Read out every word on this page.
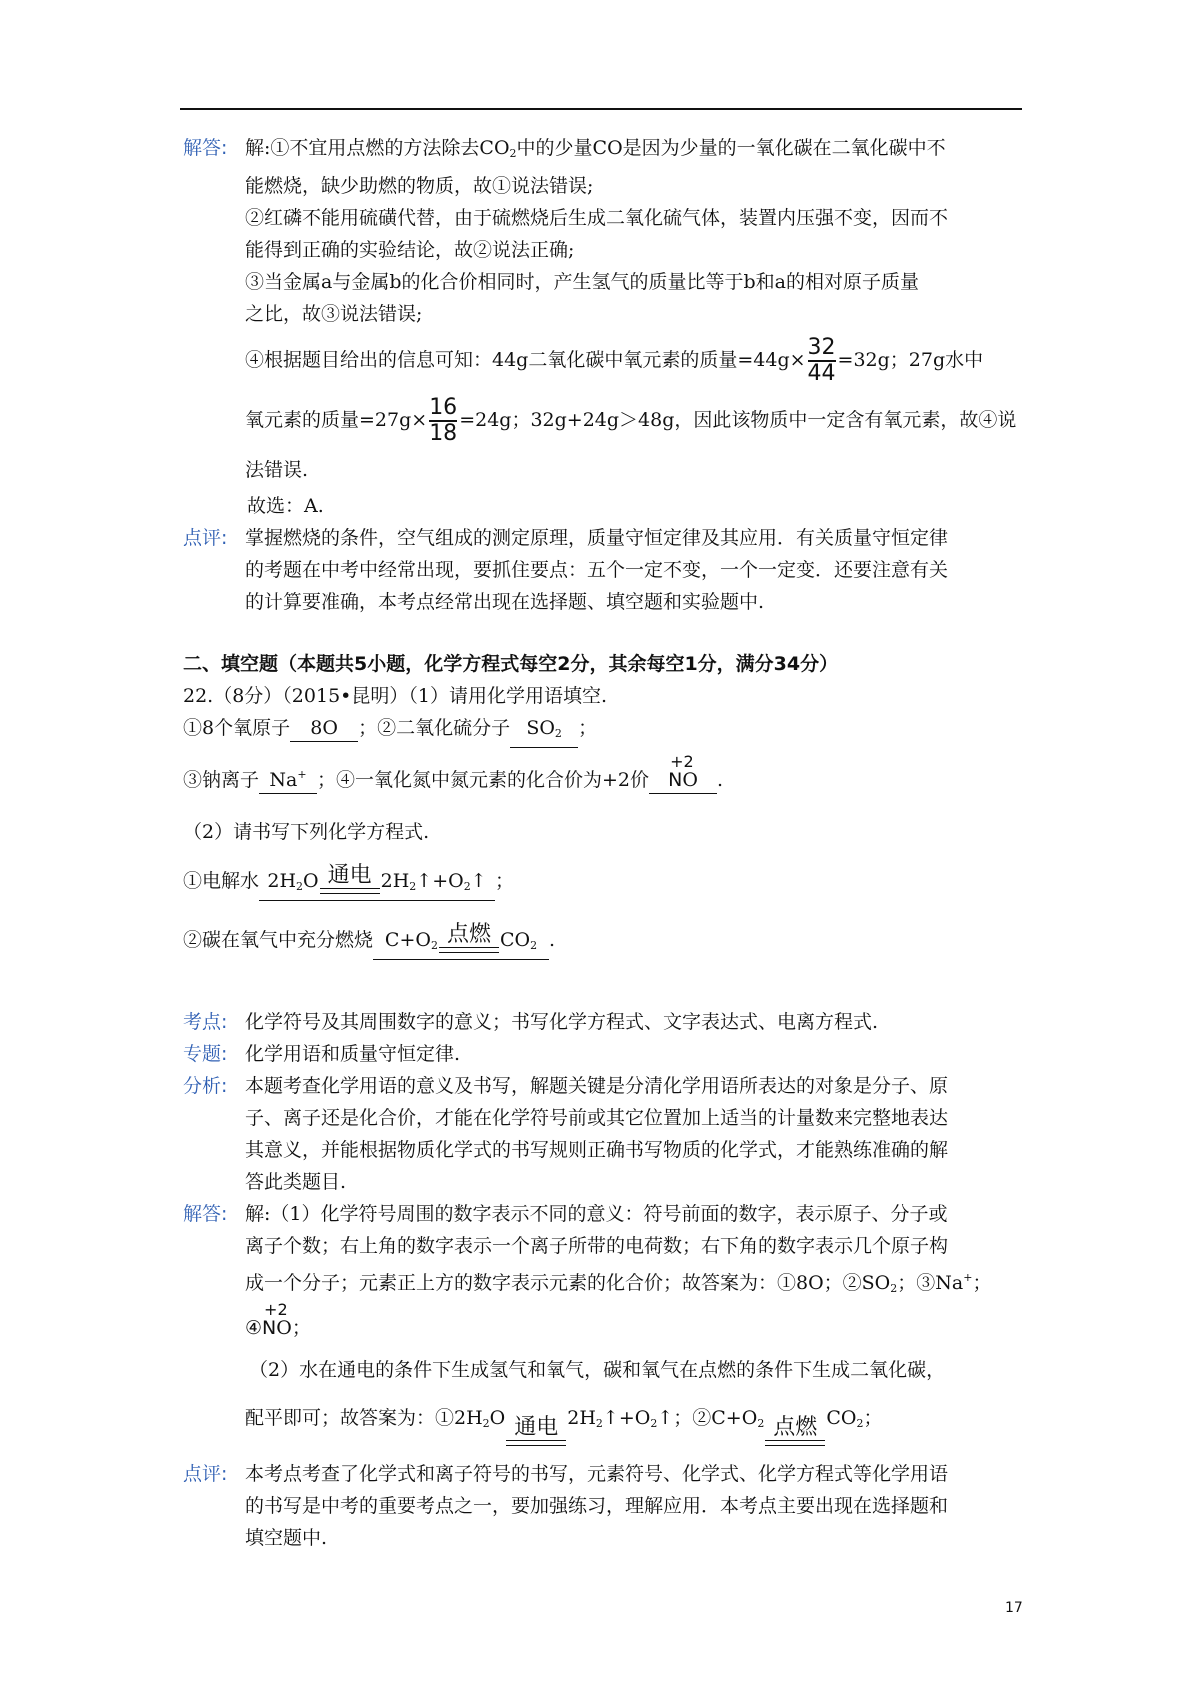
解答: 解:①不宜用点燃的方法除去$CO_2$中的少量CO是因为少量的一氧化碳在二氧化碳中不

能燃烧，缺少助燃的物质，故①说法错误;

②红磷不能用硫磺代替，由于硫燃烧后生成二氧化硫气体，装置内压强不变，因而不

能得到正确的实验结论，故②说法正确;

③当金属a与金属b的化合价相同时，产生氢气的质量比等于b和a的相对原子质量

之比，故③说法错误;

④根据题目给出的信息可知：44g二氧化碳中氧元素的质量$=44g\times \frac{32}{44} =32g$；27g水中

氧元素的质量$=27g\times \frac{16}{18} =24g$；32g+24g＞48g，因此该物质中一定含有氧元素，故④说

法错误.

故选：A.

点评: 掌握燃烧的条件，空气组成的测定原理，质量守恒定律及其应用．有关质量守恒定律

的考题在中考中经常出现，要抓住要点：五个一定不变，一个一定变．还要注意有关

的计算要准确，本考点经常出现在选择题、填空题和实验题中.

二、填空题（本题共5小题，化学方程式每空2分，其余每空1分，满分34分）

22.（8分）（2015•昆明）（1）请用化学用语填空.

①8个氧原子 8O ；②二氧化硫分子 $SO_2$ ；

③钠离子 Na+ ；④一氧化氮中氮元素的化合价为+2价
+2
NO .

（2）请书写下列化学方程式.

①电解水 $2H_2O$ 通电 $2H_2↑+O_2↑$ ；

②碳在氧气中充分燃烧 $C+O_2$ 点燃 $CO_2$ .

考点: 化学符号及其周围数字的意义；书写化学方程式、文字表达式、电离方程式.

专题: 化学用语和质量守恒定律.

分析: 本题考查化学用语的意义及书写，解题关键是分清化学用语所表达的对象是分子、原

子、离子还是化合价，才能在化学符号前或其它位置加上适当的计量数来完整地表达

其意义，并能根据物质化学式的书写规则正确书写物质的化学式，才能熟练准确的解

答此类题目.

解答: 解:（1）化学符号周围的数字表示不同的意义：符号前面的数字，表示原子、分子或

离子个数；右上角的数字表示一个离子所带的电荷数；右下角的数字表示几个原子构

成一个分子；元素正上方的数字表示元素的化合价；故答案为：①8O；$②SO_2$；③Na+；

④
+2
NO；

（2）水在通电的条件下生成氢气和氧气，碳和氧气在点燃的条件下生成二氧化碳，

配平即可；故答案为：$①2H_2O$ 通电 $2H_2↑+O_2↑$；$②C+O_2$ 点燃 $CO_2$；

点评: 本考点考查了化学式和离子符号的书写，元素符号、化学式、化学方程式等化学用语

的书写是中考的重要考点之一，要加强练习，理解应用．本考点主要出现在选择题和

填空题中.

17
